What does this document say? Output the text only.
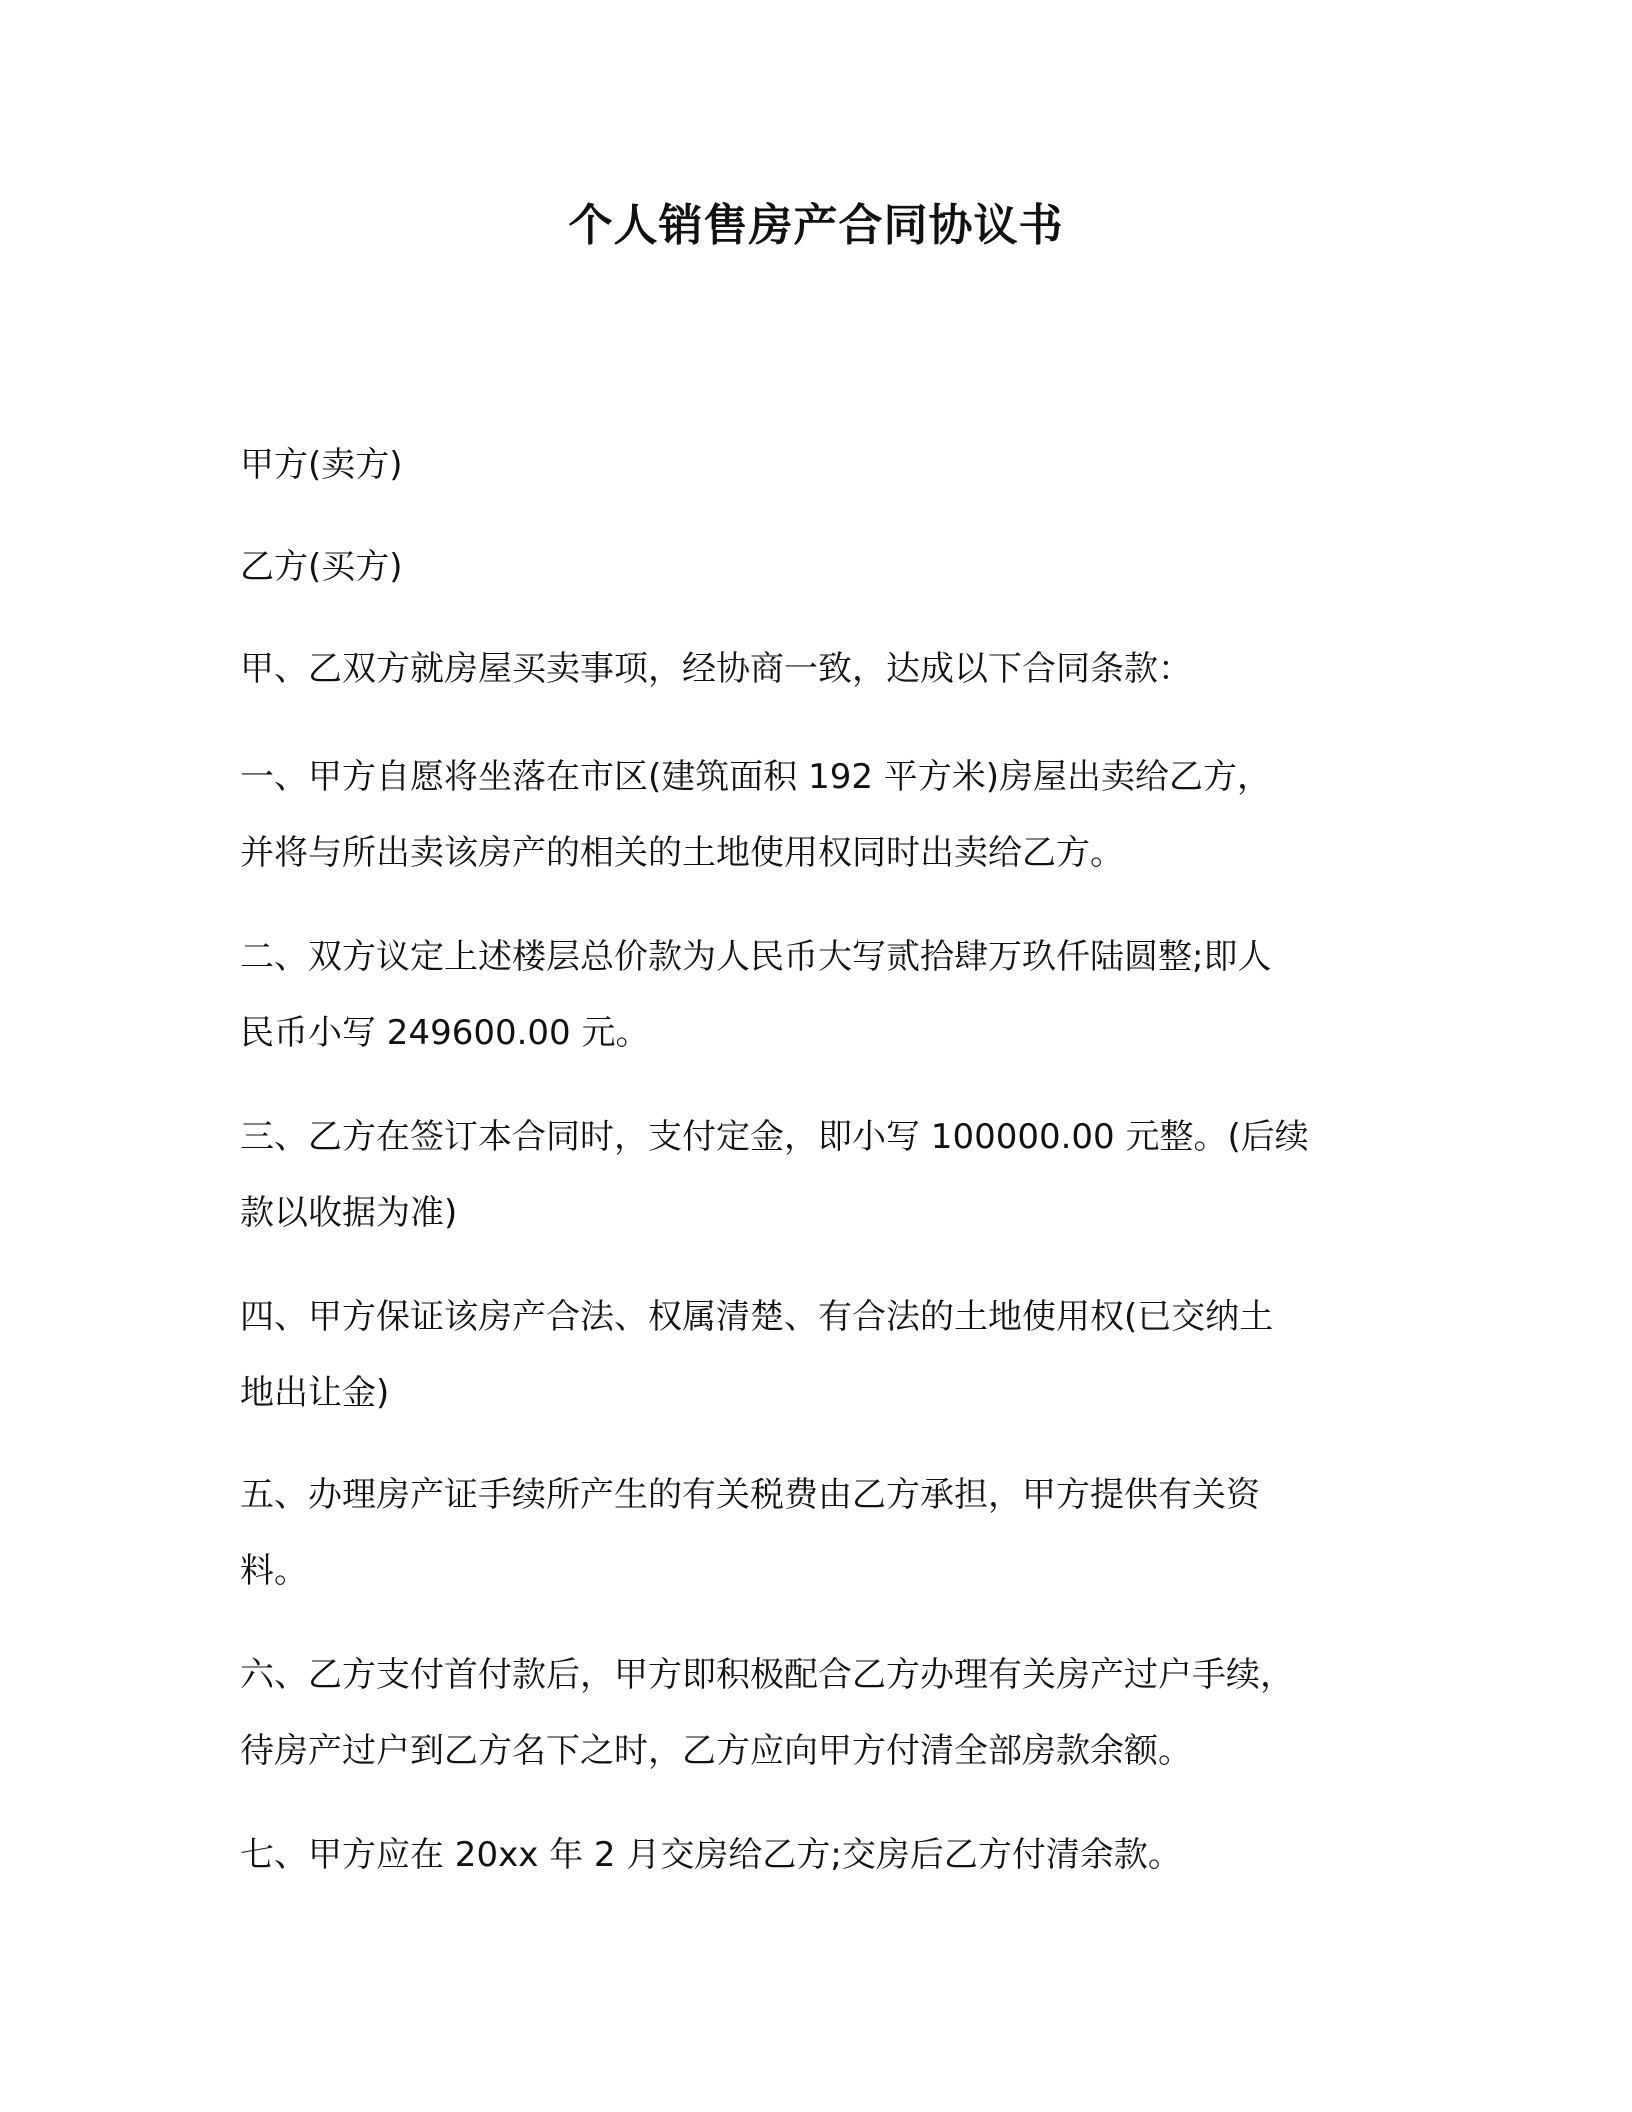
个人销售房产合同协议书

甲方(卖方)

乙方(买方)

甲、乙双方就房屋买卖事项，经协商一致，达成以下合同条款：

一、甲方自愿将坐落在市区(建筑面积 192 平方米)房屋出卖给乙方，

并将与所出卖该房产的相关的土地使用权同时出卖给乙方。

二、双方议定上述楼层总价款为人民币大写贰拾肆万玖仟陆圆整;即人

民币小写 249600.00 元。

三、乙方在签订本合同时，支付定金，即小写 100000.00 元整。(后续

款以收据为准)

四、甲方保证该房产合法、权属清楚、有合法的土地使用权(已交纳土

地出让金)

五、办理房产证手续所产生的有关税费由乙方承担，甲方提供有关资

料。

六、乙方支付首付款后，甲方即积极配合乙方办理有关房产过户手续，

待房产过户到乙方名下之时，乙方应向甲方付清全部房款余额。

七、甲方应在 20xx 年 2 月交房给乙方;交房后乙方付清余款。
